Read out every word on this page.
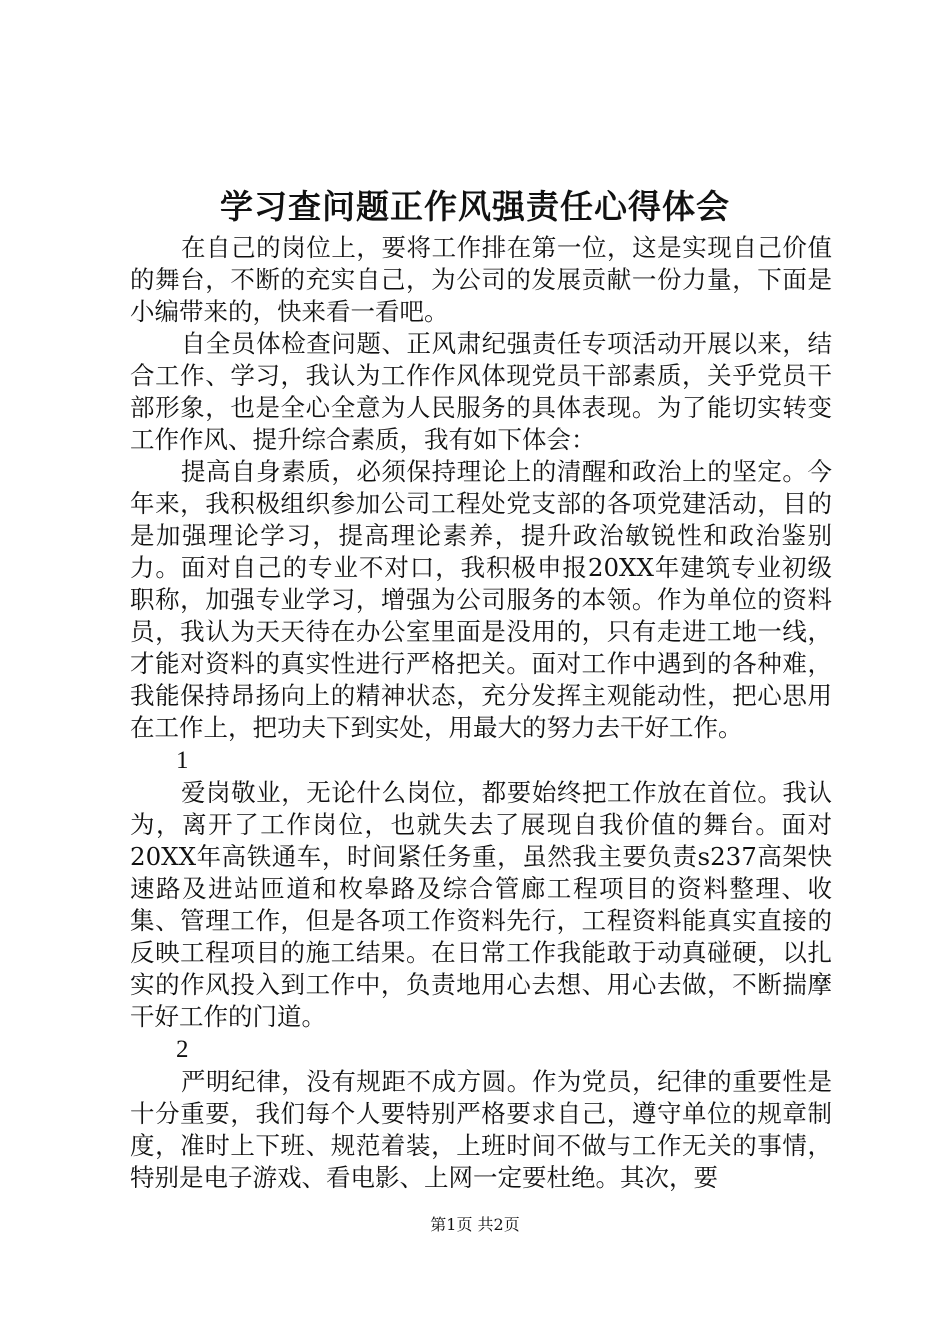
学习查问题正作风强责任心得体会

在自己的岗位上，要将工作排在第一位，这是实现自己价值的舞台，不断的充实自己，为公司的发展贡献一份力量，下面是小编带来的，快来看一看吧。

自全员体检查问题、正风肃纪强责任专项活动开展以来，结合工作、学习，我认为工作作风体现党员干部素质，关乎党员干部形象，也是全心全意为人民服务的具体表现。为了能切实转变工作作风、提升综合素质，我有如下体会：

提高自身素质，必须保持理论上的清醒和政治上的坚定。今年来，我积极组织参加公司工程处党支部的各项党建活动，目的是加强理论学习，提高理论素养，提升政治敏锐性和政治鉴别力。面对自己的专业不对口，我积极申报20XX年建筑专业初级职称，加强专业学习，增强为公司服务的本领。作为单位的资料员，我认为天天待在办公室里面是没用的，只有走进工地一线，才能对资料的真实性进行严格把关。面对工作中遇到的各种难，我能保持昂扬向上的精神状态，充分发挥主观能动性，把心思用在工作上，把功夫下到实处，用最大的努力去干好工作。

1

爱岗敬业，无论什么岗位，都要始终把工作放在首位。我认为，离开了工作岗位，也就失去了展现自我价值的舞台。面对20XX年高铁通车，时间紧任务重，虽然我主要负责s237高架快速路及进站匝道和枚皋路及综合管廊工程项目的资料整理、收集、管理工作，但是各项工作资料先行，工程资料能真实直接的反映工程项目的施工结果。在日常工作我能敢于动真碰硬，以扎实的作风投入到工作中，负责地用心去想、用心去做，不断揣摩干好工作的门道。

2

严明纪律，没有规距不成方圆。作为党员，纪律的重要性是十分重要，我们每个人要特别严格要求自己，遵守单位的规章制度，准时上下班、规范着装，上班时间不做与工作无关的事情，特别是电子游戏、看电影、上网一定要杜绝。其次，要

第1页 共2页
